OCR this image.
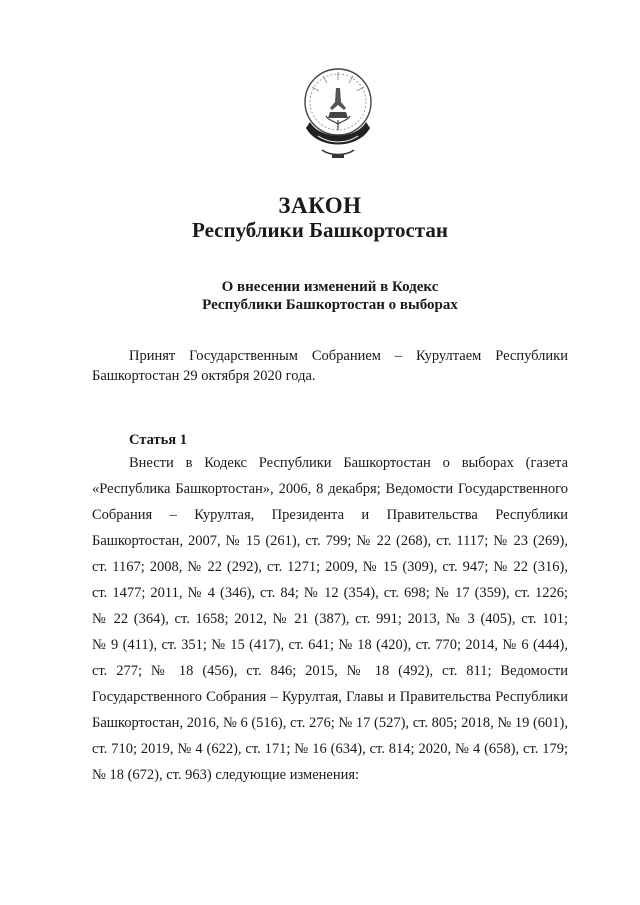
ЗАКОН
Республики Башкортостан
О внесении изменений в Кодекс
Республики Башкортостан о выборах
Принят Государственным Собранием – Курултаем Республики
Башкортостан 29 октября 2020 года.
Статья 1
Внести в Кодекс Республики Башкортостан о выборах (газета
«Республика Башкортостан», 2006, 8 декабря; Ведомости Государственного
Собрания – Курултая, Президента и Правительства Республики
Башкортостан, 2007, № 15 (261), ст. 799; № 22 (268), ст. 1117; № 23 (269),
ст. 1167; 2008, № 22 (292), ст. 1271; 2009, № 15 (309), ст. 947; № 22 (316),
ст. 1477; 2011, № 4 (346), ст. 84; № 12 (354), ст. 698; № 17 (359), ст. 1226;
№ 22 (364), ст. 1658; 2012, № 21 (387), ст. 991; 2013, № 3 (405), ст. 101;
№ 9 (411), ст. 351; № 15 (417), ст. 641; № 18 (420), ст. 770; 2014, № 6 (444),
ст. 277; № 18 (456), ст. 846; 2015, № 18 (492), ст. 811; Ведомости
Государственного Собрания – Курултая, Главы и Правительства Республики
Башкортостан, 2016, № 6 (516), ст. 276; № 17 (527), ст. 805; 2018, № 19 (601),
ст. 710; 2019, № 4 (622), ст. 171; № 16 (634), ст. 814; 2020, № 4 (658), ст. 179;
№ 18 (672), ст. 963) следующие изменения:
